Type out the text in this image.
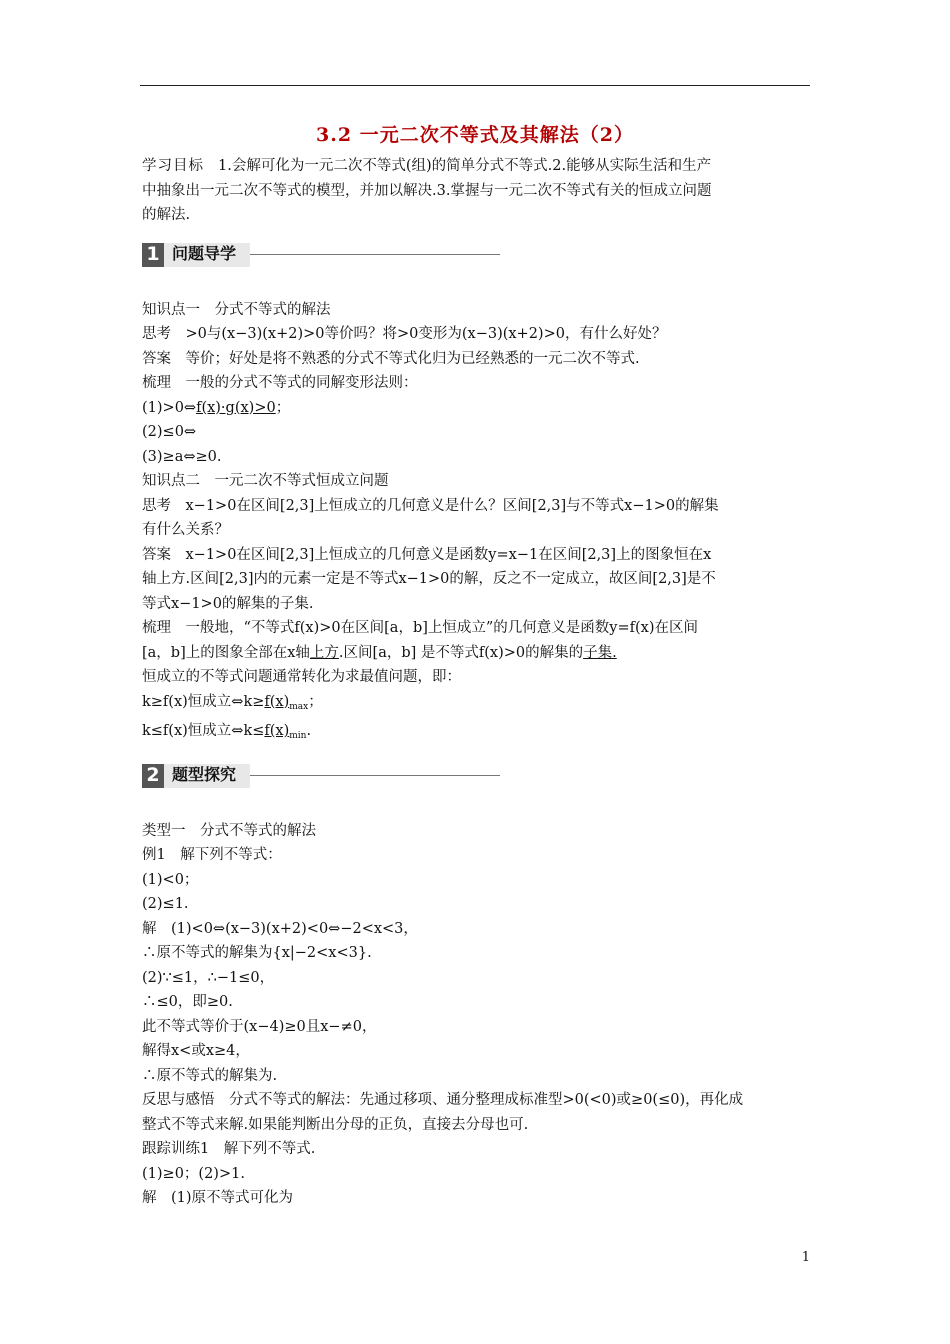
3.2 一元二次不等式及其解法（2）

学习目标 1.会解可化为一元二次不等式(组)的简单分式不等式.2.能够从实际生活和生产

中抽象出一元二次不等式的模型，并加以解决.3.掌握与一元二次不等式有关的恒成立问题

的解法.

1 问题导学

知识点一　分式不等式的解法

思考　>0与(x−3)(x+2)>0等价吗？将>0变形为(x−3)(x+2)>0，有什么好处？

答案　等价；好处是将不熟悉的分式不等式化归为已经熟悉的一元二次不等式.

梳理　一般的分式不等式的同解变形法则：

(1)>0⇔f(x)·g(x)>0；

(2)≤0⇔

(3)≥a⇔≥0.

知识点二　一元二次不等式恒成立问题

思考　x−1>0在区间[2,3]上恒成立的几何意义是什么？区间[2,3]与不等式x−1>0的解集

有什么关系？

答案　x−1>0在区间[2,3]上恒成立的几何意义是函数y=x−1在区间[2,3]上的图象恒在x

轴上方.区间[2,3]内的元素一定是不等式x−1>0的解，反之不一定成立，故区间[2,3]是不

等式x−1>0的解集的子集.

梳理　一般地，“不等式f(x)>0在区间[a，b]上恒成立”的几何意义是函数y=f(x)在区间

[a，b]上的图象全部在x轴上方.区间[a，b] 是不等式f(x)>0的解集的子集.

恒成立的不等式问题通常转化为求最值问题，即：

k≥f(x)恒成立$\Leftrightarrow k\ge f(x)_{max}$；

k≤f(x)恒成立$\Leftrightarrow k\le f(x)_{min}$.

2 题型探究

类型一　分式不等式的解法

例1　解下列不等式：

(1)<0；

(2)≤1.

解　(1)<0⇔(x−3)(x+2)<0⇔−2<x<3，

∴原不等式的解集为{x|−2<x<3}.

(2)∵≤1，∴−1≤0，

∴≤0，即≥0.

此不等式等价于(x−4)≥0且x−≠0，

解得x<或x≥4，

∴原不等式的解集为.

反思与感悟　分式不等式的解法：先通过移项、通分整理成标准型>0(<0)或≥0(≤0)，再化成

整式不等式来解.如果能判断出分母的正负，直接去分母也可.

跟踪训练1　解下列不等式.

(1)≥0；(2)>1.

解　(1)原不等式可化为

1
